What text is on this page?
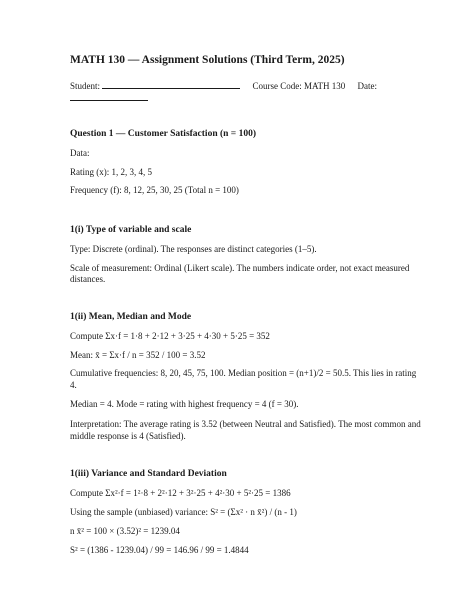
MATH 130 — Assignment Solutions (Third Term, 2025)
Student:	Course Code: MATH 130 Date:
Question 1 — Customer Satisfaction (n = 100)
Data:
Rating (x): 1, 2, 3, 4, 5
Frequency (f): 8, 12, 25, 30, 25 (Total n = 100)
1(i) Type of variable and scale
Type: Discrete (ordinal). The responses are distinct categories (1–5).
Scale of measurement: Ordinal (Likert scale). The numbers indicate order, not exact measured
distances.
1(ii) Mean, Median and Mode
Compute Σx·f = 1·8 + 2·12 + 3·25 + 4·30 + 5·25 = 352
Mean: x̄ = Σx·f / n = 352 / 100 = 3.52
Cumulative frequencies: 8, 20, 45, 75, 100. Median position = (n+1)/2 = 50.5. This lies in rating
4.
Median = 4. Mode = rating with highest frequency = 4 (f = 30).
Interpretation: The average rating is 3.52 (between Neutral and Satisfied). The most common and
middle response is 4 (Satisfied).
1(iii) Variance and Standard Deviation
Compute Σx²·f = 1²·8 + 2²·12 + 3²·25 + 4²·30 + 5²·25 = 1386
Using the sample (unbiased) variance: S² = (Σx² · n x̄²) / (n - 1)
n x̄² = 100 × (3.52)² = 1239.04
S² = (1386 - 1239.04) / 99 = 146.96 / 99 = 1.4844
